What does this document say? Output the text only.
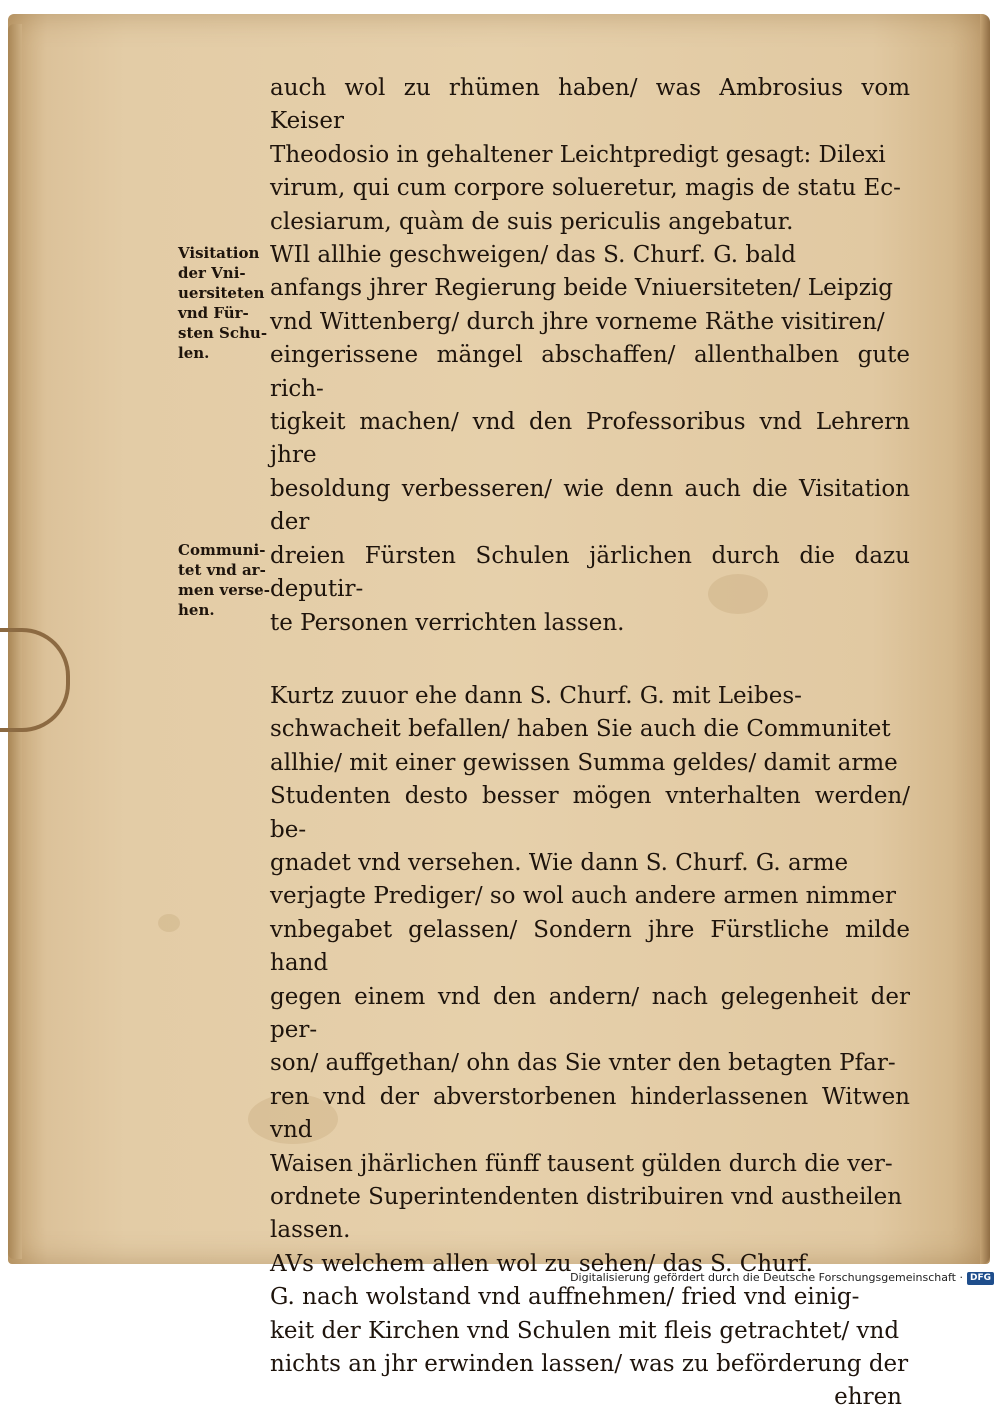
auch wol zu rhümen haben/ was Ambrosius vom Keiser
Theodosio in gehaltener Leichtpredigt gesagt: Dilexi
virum, qui cum corpore solueretur, magis de statu Ec-
clesiarum, quàm de suis periculis angebatur.

WIl allhie geschweigen/ das S. Churf. G. bald
anfangs jhrer Regierung beide Vniuersiteten/ Leipzig
vnd Wittenberg/ durch jhre vorneme Räthe visitiren/
eingerissene mängel abschaffen/ allenthalben gute rich-
tigkeit machen/ vnd den Professoribus vnd Lehrern jhre
besoldung verbesseren/ wie denn auch die Visitation der
dreien Fürsten Schulen järlichen durch die dazu deputir-
te Personen verrichten lassen.

Kurtz zuuor ehe dann S. Churf. G. mit Leibes-
schwacheit befallen/ haben Sie auch die Communitet
allhie/ mit einer gewissen Summa geldes/ damit arme
Studenten desto besser mögen vnterhalten werden/ be-
gnadet vnd versehen. Wie dann S. Churf. G. arme
verjagte Prediger/ so wol auch andere armen nimmer
vnbegabet gelassen/ Sondern jhre Fürstliche milde hand
gegen einem vnd den andern/ nach gelegenheit der per-
son/ auffgethan/ ohn das Sie vnter den betagten Pfar-
ren vnd der abverstorbenen hinderlassenen Witwen vnd
Waisen jhärlichen fünff tausent gülden durch die ver-
ordnete Superintendenten distribuiren vnd austheilen
lassen.

AVs welchem allen wol zu sehen/ das S. Churf.
G. nach wolstand vnd auffnehmen/ fried vnd einig-
keit der Kirchen vnd Schulen mit fleis getrachtet/ vnd
nichts an jhr erwinden lassen/ was zu beförderung der

ehren

Visitation
der Vni-
uersiteten
vnd Für-
sten Schu-
len.
Communi-
tet vnd ar-
men verse-
hen.
Digitalisierung gefördert durch die Deutsche Forschungsgemeinschaft · DFG
